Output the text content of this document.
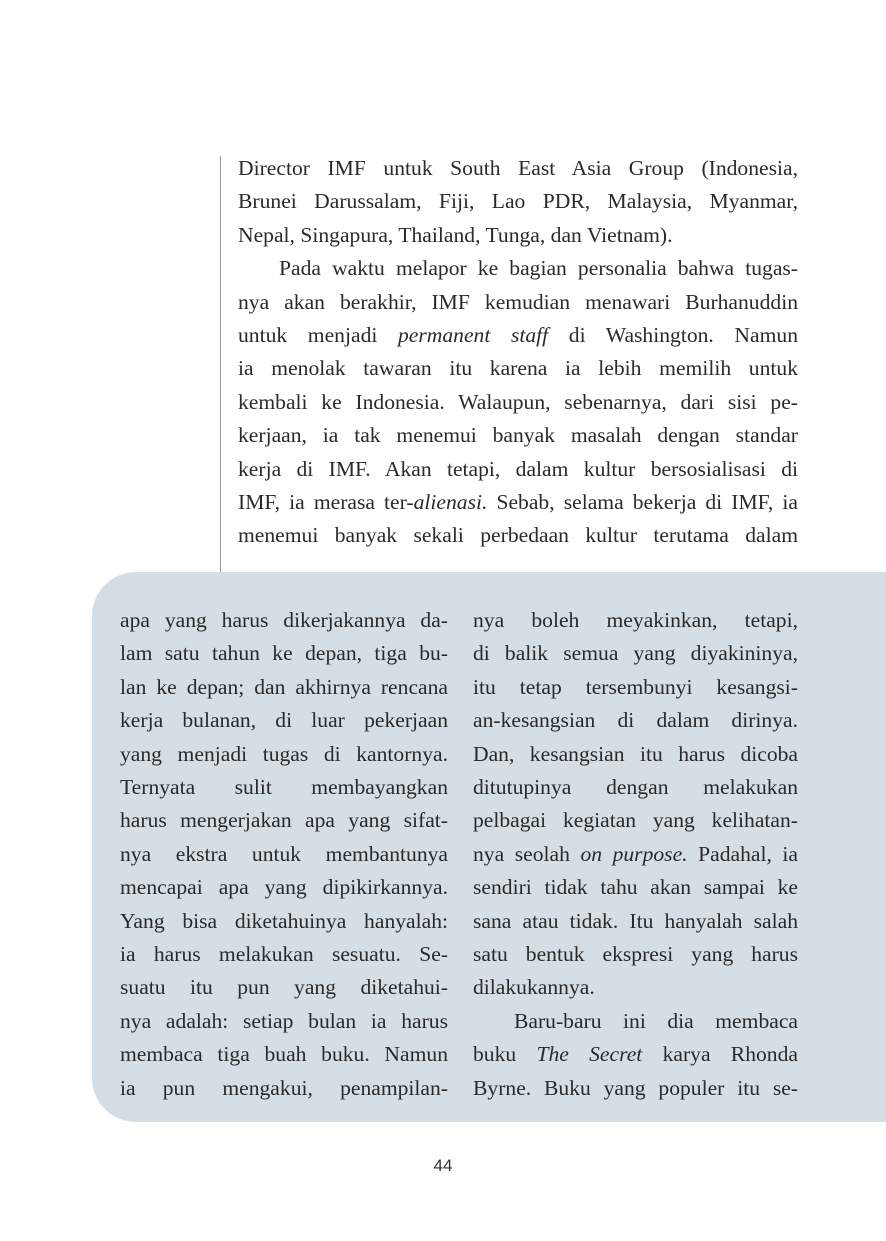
Director IMF untuk South East Asia Group (Indonesia,
Brunei Darussalam, Fiji, Lao PDR, Malaysia, Myanmar,
Nepal, Singapura, Thailand, Tunga, dan Vietnam).

Pada waktu melapor ke bagian personalia bahwa tugas-
nya akan berakhir, IMF kemudian menawari Burhanuddin
untuk menjadi permanent staff di Washington. Namun
ia menolak tawaran itu karena ia lebih memilih untuk
kembali ke Indonesia. Walaupun, sebenarnya, dari sisi pe-
kerjaan, ia tak menemui banyak masalah dengan standar
kerja di IMF. Akan tetapi, dalam kultur bersosialisasi di
IMF, ia merasa ter-alienasi. Sebab, selama bekerja di IMF, ia
menemui banyak sekali perbedaan kultur terutama dalam

apa yang harus dikerjakannya da-
lam satu tahun ke depan, tiga bu-
lan ke depan; dan akhirnya rencana
kerja bulanan, di luar pekerjaan
yang menjadi tugas di kantornya.
Ternyata sulit membayangkan
harus mengerjakan apa yang sifat-
nya ekstra untuk membantunya
mencapai apa yang dipikirkannya.
Yang bisa diketahuinya hanyalah:
ia harus melakukan sesuatu. Se-
suatu itu pun yang diketahui-
nya adalah: setiap bulan ia harus
membaca tiga buah buku. Namun
ia pun mengakui, penampilan-
nya boleh meyakinkan, tetapi,
di balik semua yang diyakininya,
itu tetap tersembunyi kesangsi-
an-kesangsian di dalam dirinya.
Dan, kesangsian itu harus dicoba
ditutupinya dengan melakukan
pelbagai kegiatan yang kelihatan-
nya seolah on purpose. Padahal, ia
sendiri tidak tahu akan sampai ke
sana atau tidak. Itu hanyalah salah
satu bentuk ekspresi yang harus
dilakukannya.
Baru-baru ini dia membaca
buku The Secret karya Rhonda
Byrne. Buku yang populer itu se-
44
